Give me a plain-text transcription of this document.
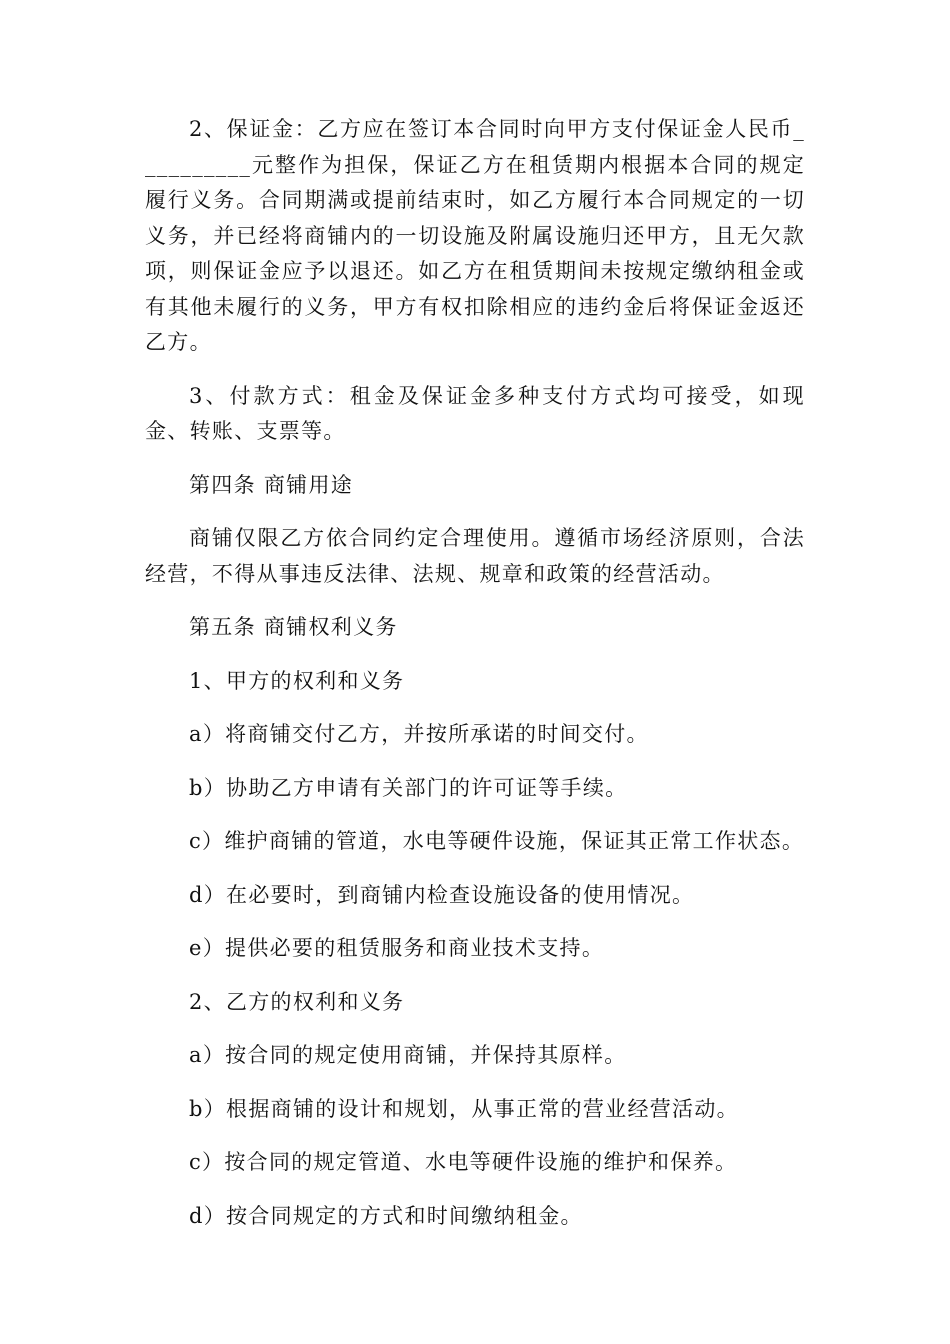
2、保证金：乙方应在签订本合同时向甲方支付保证金人民币__________元整作为担保，保证乙方在租赁期内根据本合同的规定履行义务。合同期满或提前结束时，如乙方履行本合同规定的一切义务，并已经将商铺内的一切设施及附属设施归还甲方，且无欠款项，则保证金应予以退还。如乙方在租赁期间未按规定缴纳租金或有其他未履行的义务，甲方有权扣除相应的违约金后将保证金返还乙方。

3、付款方式：租金及保证金多种支付方式均可接受，如现金、转账、支票等。

第四条 商铺用途

商铺仅限乙方依合同约定合理使用。遵循市场经济原则，合法经营，不得从事违反法律、法规、规章和政策的经营活动。

第五条 商铺权利义务

1、甲方的权利和义务

a）将商铺交付乙方，并按所承诺的时间交付。

b）协助乙方申请有关部门的许可证等手续。

c）维护商铺的管道，水电等硬件设施，保证其正常工作状态。

d）在必要时，到商铺内检查设施设备的使用情况。

e）提供必要的租赁服务和商业技术支持。

2、乙方的权利和义务

a）按合同的规定使用商铺，并保持其原样。

b）根据商铺的设计和规划，从事正常的营业经营活动。

c）按合同的规定管道、水电等硬件设施的维护和保养。

d）按合同规定的方式和时间缴纳租金。
